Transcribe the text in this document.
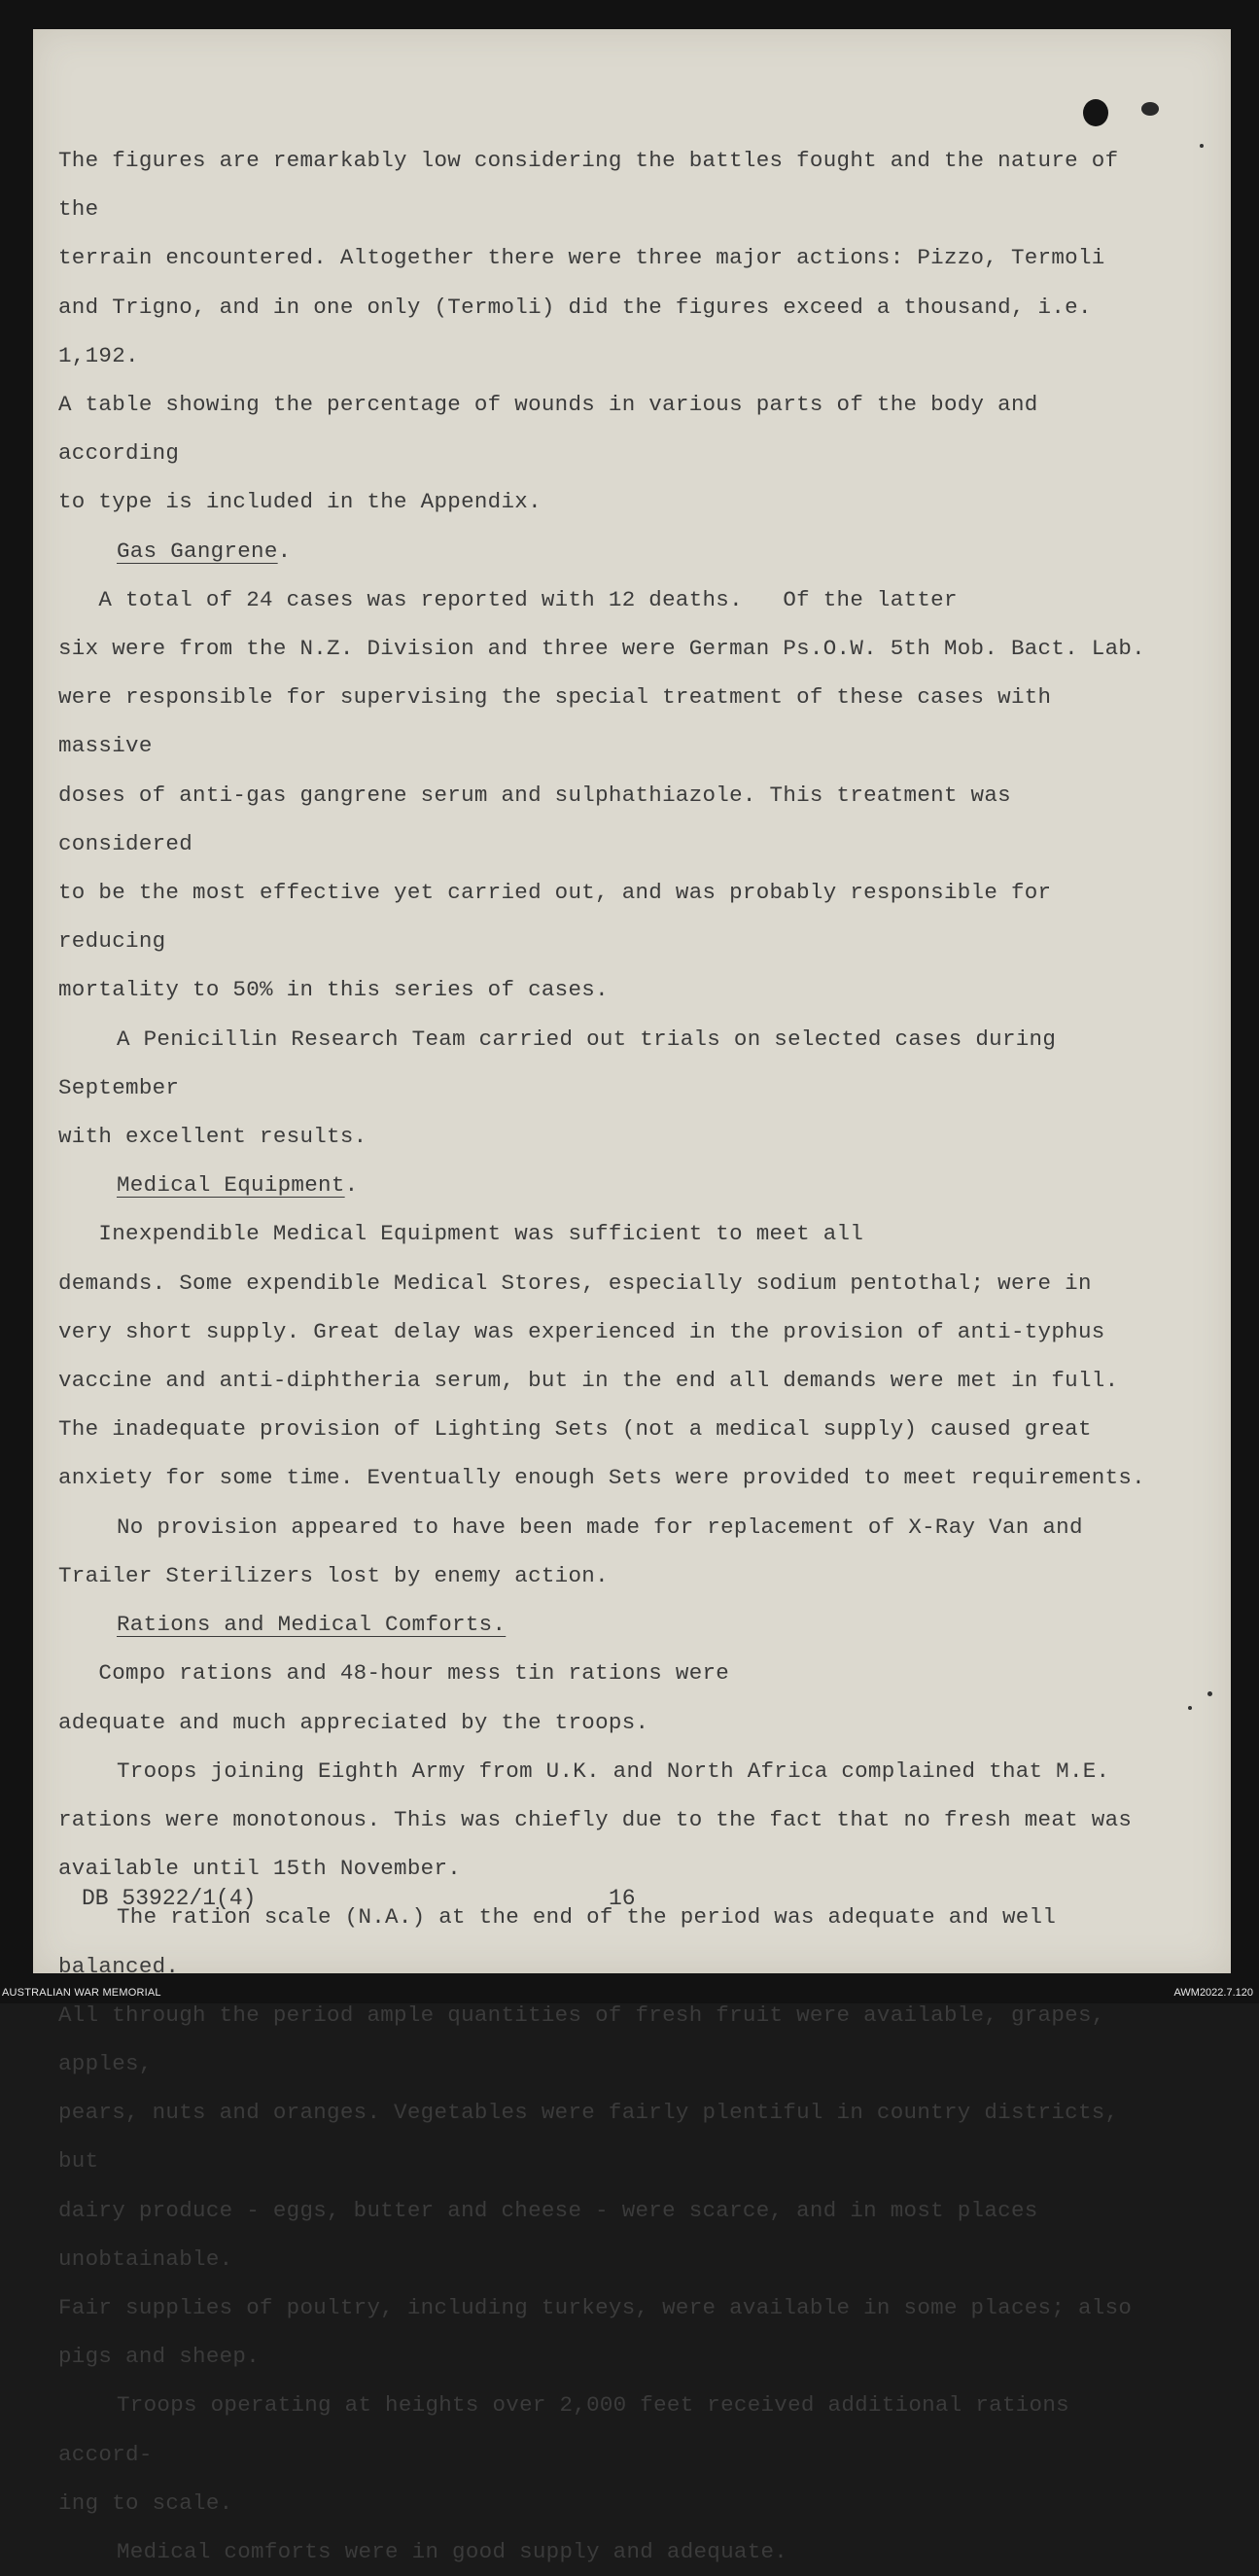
The figures are remarkably low considering the battles fought and the nature of the
terrain encountered. Altogether there were three major actions: Pizzo, Termoli
and Trigno, and in one only (Termoli) did the figures exceed a thousand, i.e. 1,192.
A table showing the percentage of wounds in various parts of the body and according
to type is included in the Appendix.
Gas Gangrene.   A total of 24 cases was reported with 12 deaths.   Of the latter
six were from the N.Z. Division and three were German Ps.O.W. 5th Mob. Bact. Lab.
were responsible for supervising the special treatment of these cases with massive
doses of anti-gas gangrene serum and sulphathiazole. This treatment was considered
to be the most effective yet carried out, and was probably responsible for reducing
mortality to 50% in this series of cases.
A Penicillin Research Team carried out trials on selected cases during September
with excellent results.
Medical Equipment.   Inexpendible Medical Equipment was sufficient to meet all
demands. Some expendible Medical Stores, especially sodium pentothal; were in
very short supply. Great delay was experienced in the provision of anti-typhus
vaccine and anti-diphtheria serum, but in the end all demands were met in full.
The inadequate provision of Lighting Sets (not a medical supply) caused great
anxiety for some time. Eventually enough Sets were provided to meet requirements.
No provision appeared to have been made for replacement of X-Ray Van and
Trailer Sterilizers lost by enemy action.
Rations and Medical Comforts.   Compo rations and 48-hour mess tin rations were
adequate and much appreciated by the troops.
Troops joining Eighth Army from U.K. and North Africa complained that M.E.
rations were monotonous. This was chiefly due to the fact that no fresh meat was
available until 15th November.
The ration scale (N.A.) at the end of the period was adequate and well balanced.
All through the period ample quantities of fresh fruit were available, grapes, apples,
pears, nuts and oranges. Vegetables were fairly plentiful in country districts, but
dairy produce - eggs, butter and cheese - were scarce, and in most places unobtainable.
Fair supplies of poultry, including turkeys, were available in some places; also
pigs and sheep.
Troops operating at heights over 2,000 feet received additional rations accord-
ing to scale.
Medical comforts were in good supply and adequate.
DB 53922/1(4)	16
AUSTRALIAN WAR MEMORIAL	AWM2022.7.120
